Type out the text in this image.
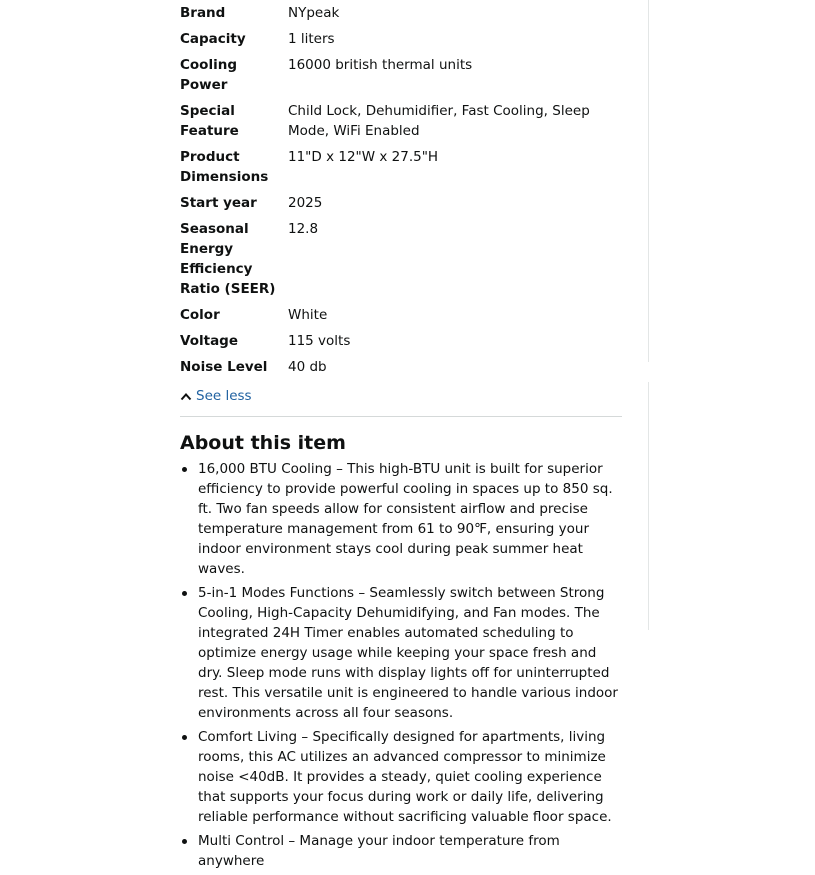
Brand	NYpeak
Capacity	1 liters
Cooling Power	16000 british thermal units
Special Feature	Child Lock, Dehumidifier, Fast Cooling, Sleep Mode, WiFi Enabled
Product Dimensions	11"D x 12"W x 27.5"H
Start year	2025
Seasonal Energy Efficiency Ratio (SEER)	12.8
Color	White
Voltage	115 volts
Noise Level	40 db
See less
About this item
16,000 BTU Cooling – This high-BTU unit is built for superior efficiency to provide powerful cooling in spaces up to 850 sq. ft. Two fan speeds allow for consistent airflow and precise temperature management from 61 to 90℉, ensuring your indoor environment stays cool during peak summer heat waves.
5-in-1 Modes Functions – Seamlessly switch between Strong Cooling, High-Capacity Dehumidifying, and Fan modes. The integrated 24H Timer enables automated scheduling to optimize energy usage while keeping your space fresh and dry. Sleep mode runs with display lights off for uninterrupted rest. This versatile unit is engineered to handle various indoor environments across all four seasons.
Comfort Living – Specifically designed for apartments, living rooms, this AC utilizes an advanced compressor to minimize noise <40dB. It provides a steady, quiet cooling experience that supports your focus during work or daily life, delivering reliable performance without sacrificing valuable floor space.
Multi Control – Manage your indoor temperature from anywhere
